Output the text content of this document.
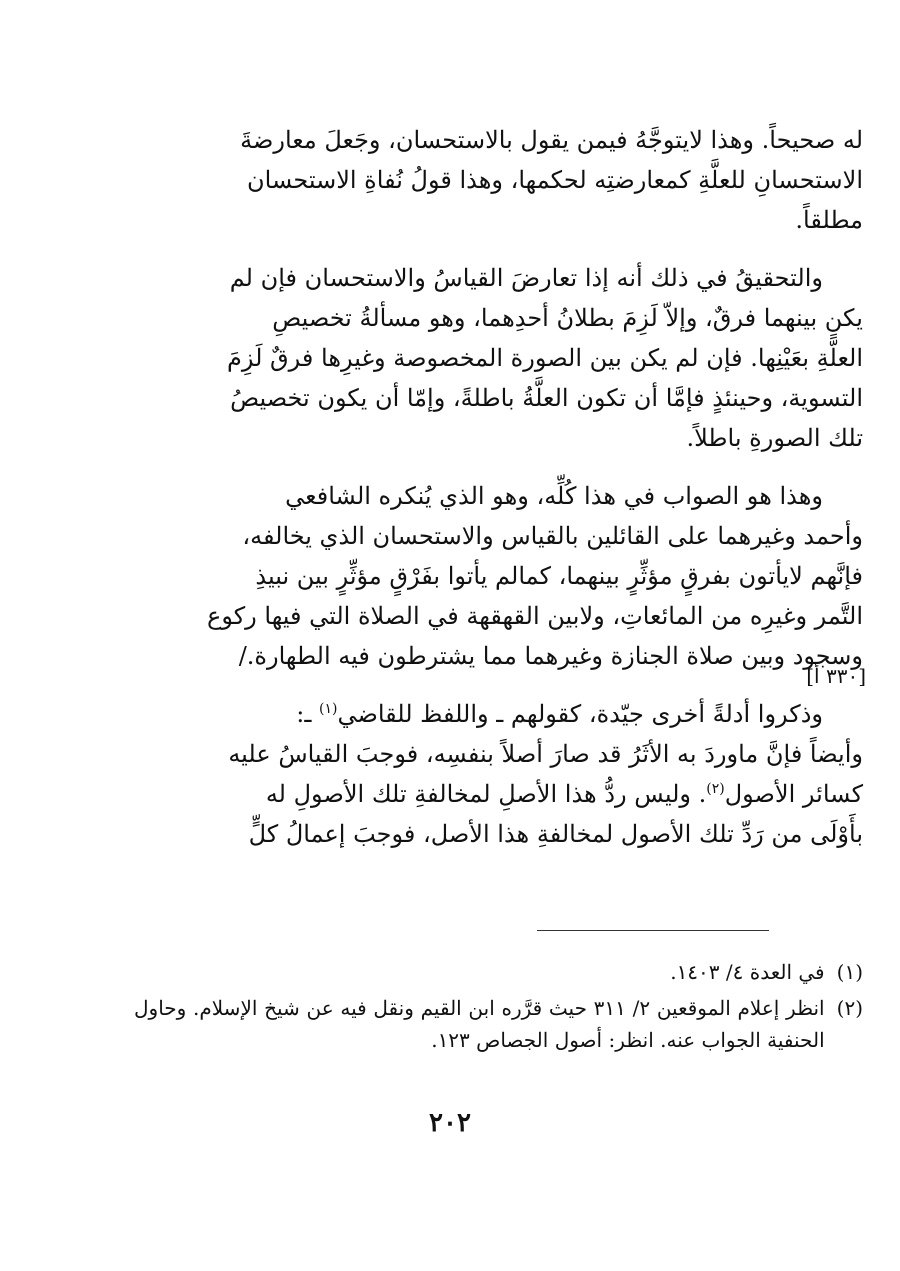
له صحيحاً. وهذا لايتوجَّهُ فيمن يقول بالاستحسان، وجَعلَ معارضةَ

الاستحسانِ للعلَّةِ كمعارضتِه لحكمها، وهذا قولُ نُفاةِ الاستحسان

مطلقاً.

والتحقيقُ في ذلك أنه إذا تعارضَ القياسُ والاستحسان فإن لم

يكنِ بينهما فرقٌ، وإلاّ لَزِمَ بطلانُ أحدِهما، وهو مسألةُ تخصيصِ

العلَّةِ بعَيْنِها. فإن لم يكن بين الصورة المخصوصة وغيرِها فرقٌ لَزِمَ

التسوية، وحينئذٍ فإمَّا أن تكون العلَّةُ باطلةً، وإمّا أن يكون تخصيصُ

تلك الصورةِ باطلاً.

وهذا هو الصواب في هذا كُلِّه، وهو الذي يُنكره الشافعي

وأحمد وغيرهما على القائلين بالقياس والاستحسان الذي يخالفه،

فإنَّهم لايأتون بفرقٍ مؤثِّرٍ بينهما، كمالم يأتوا بفَرْقٍ مؤثِّرٍ بين نبيذِ

التَّمر وغيرِه من المائعاتِ، ولابين القهقهة في الصلاة التي فيها ركوع

وسجود وبين صلاة الجنازة وغيرهما مما يشترطون فيه الطهارة./

وذكروا أدلةً أخرى جيّدة، كقولهم ـ واللفظ للقاضي$^{(١)}$ ـ:

وأيضاً فإنَّ ماوردَ به الأثَرُ قد صارَ أصلاً بنفسِه، فوجبَ القياسُ عليه

كسائر الأصول$^{(٢)}$. وليس ردُّ هذا الأصلِ لمخالفةِ تلك الأصولِ له

بأَوْلَى من رَدِّ تلك الأصول لمخالفةِ هذا الأصل، فوجبَ إعمالُ كلٍّ

[٣٣٠ أ]
(١)
في العدة ٤/ ١٤٠٣.
(٢)
انظر إعلام الموقعين ٢/ ٣١١ حيث قرَّره ابن القيم ونقل فيه عن شيخ الإسلام. وحاول الحنفية الجواب عنه. انظر: أصول الجصاص ١٢٣.
٢٠٢
